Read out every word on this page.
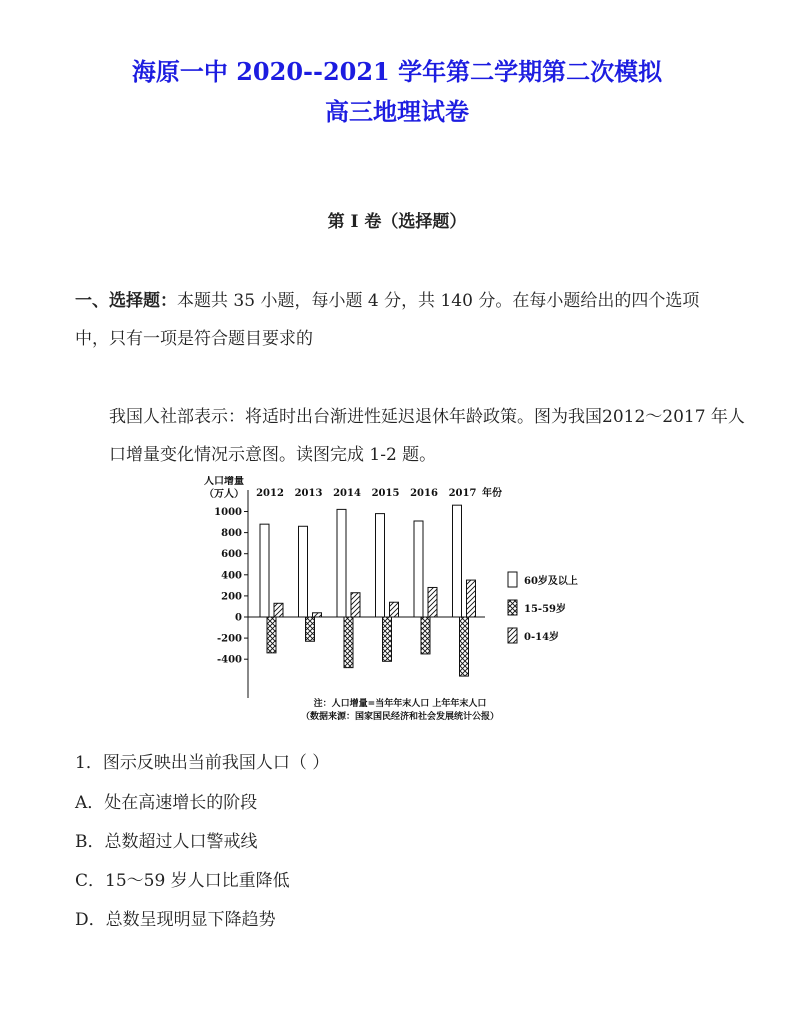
海原一中 2020--2021 学年第二学期第二次模拟
高三地理试卷
第 I 卷（选择题）
一、选择题：本题共 35 小题，每小题 4 分，共 140 分。在每小题给出的四个选项中，只有一项是符合题目要求的
我国人社部表示：将适时出台渐进性延迟退休年龄政策。图为我国2012～2017 年人口增量变化情况示意图。读图完成 1-2 题。
人口增量
（万人）
1000
800
600
400
200
0
-200
-400
2012 2013 2014 2015 2016 2017 年份
60岁及以上
15-59岁
0-14岁
注：人口增量=当年年末人口 上年年末人口
（数据来源：国家国民经济和社会发展统计公报）
1．图示反映出当前我国人口（ ）
A．处在高速增长的阶段
B．总数超过人口警戒线
C．15～59 岁人口比重降低
D．总数呈现明显下降趋势
